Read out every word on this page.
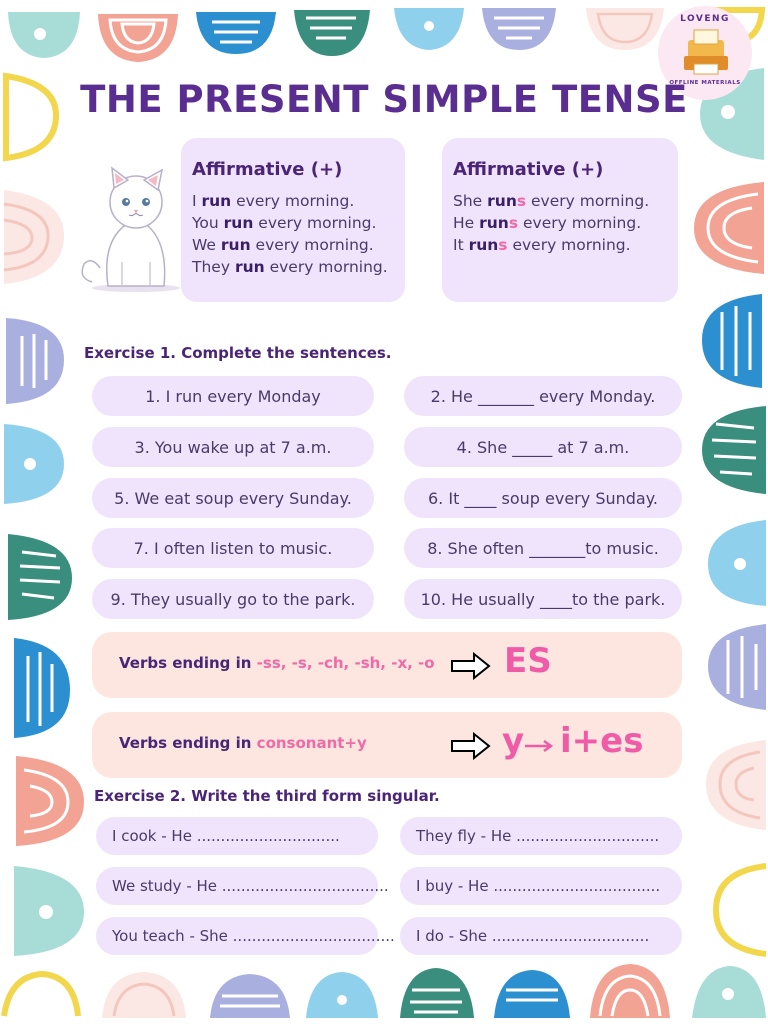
LOVENG
OFFLINE MATERIALS
THE PRESENT SIMPLE TENSE
Affirmative (+)
I run every morning.
You run every morning.
We run every morning.
They run every morning.
Affirmative (+)
She runs every morning.
He runs every morning.
It runs every morning.
Exercise 1. Complete the sentences.
1. I run every Monday	2. He _______ every Monday.
3. You wake up at 7 a.m.	4. She _____ at 7 a.m.
5. We eat soup every Sunday.	6. It ____ soup every Sunday.
7. I often listen to music.	8. She often _______to music.
9. They usually go to the park.	10. He usually ____to the park.
Verbs ending in -ss, -s, -ch, -sh, -x, -o ES
Verbs ending in consonant+y	y i+es
Exercise 2. Write the third form singular.
I cook - He ..............................	They fly - He ..............................
We study - He ...................................	I buy - He ...................................
You teach - She ..................................	I do - She .................................
